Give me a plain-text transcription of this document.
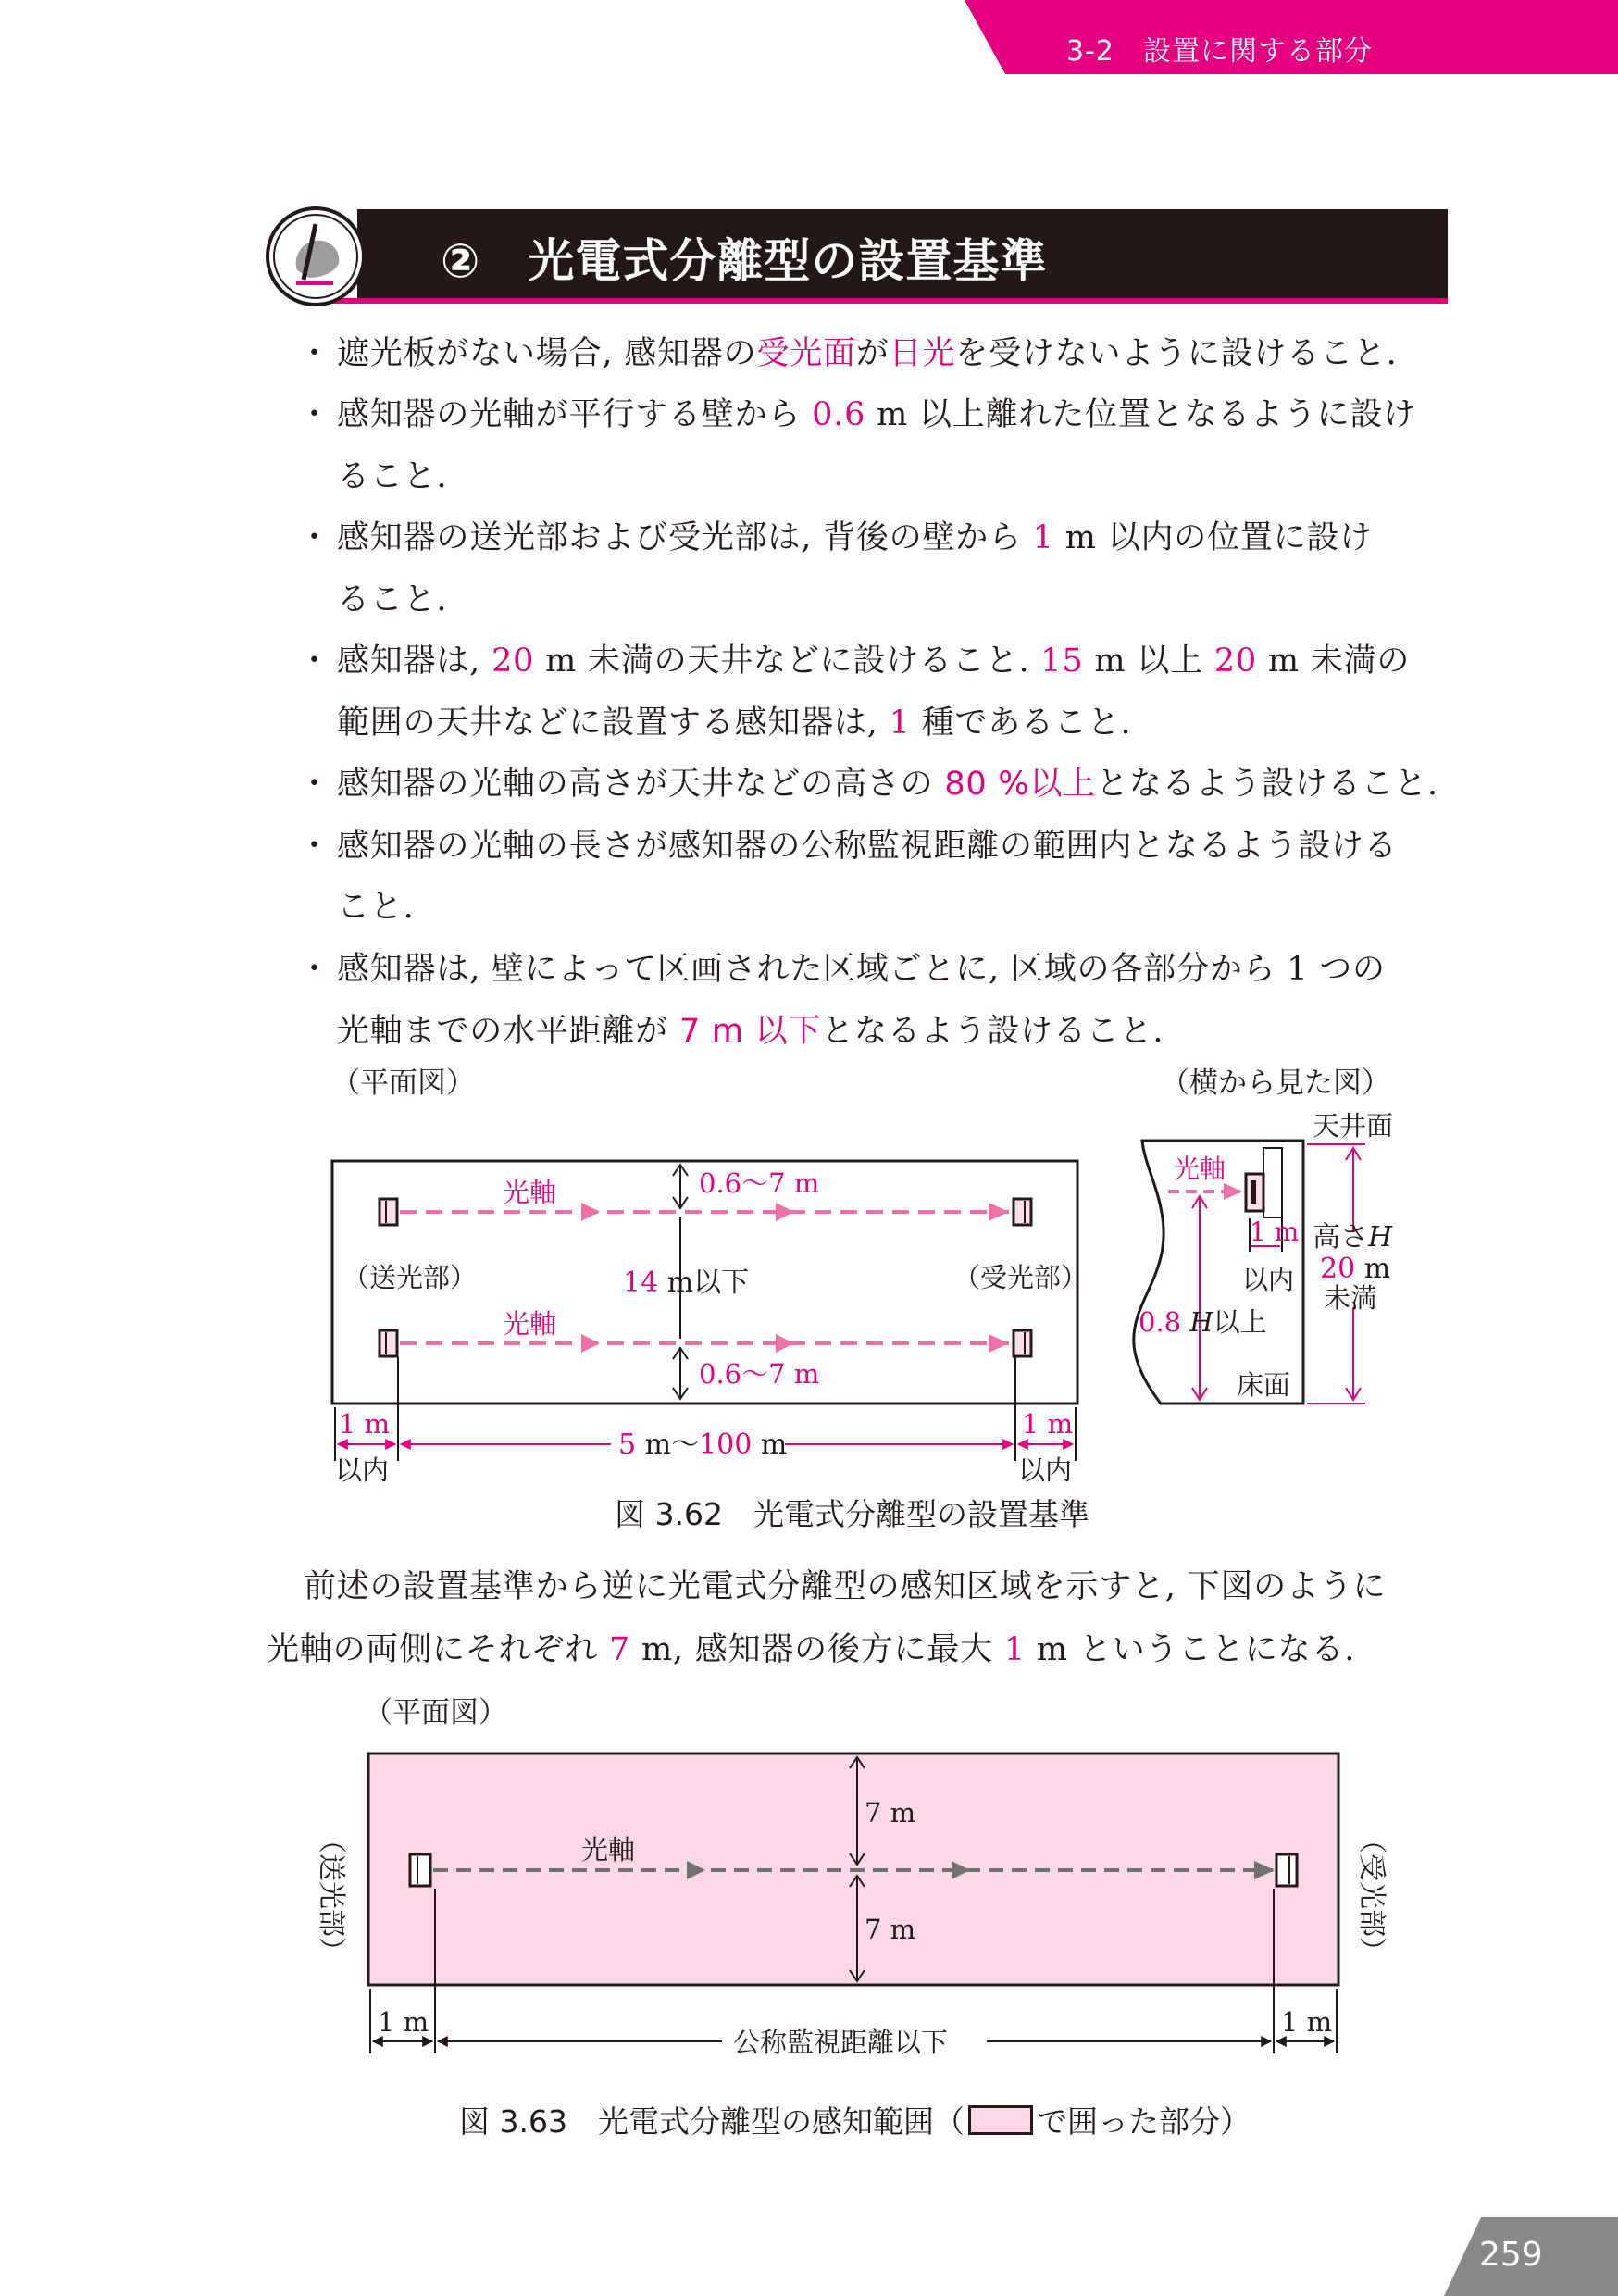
3-2　設置に関する部分
②　 光電式分離型の設置基準
・ 遮光板がない場合, 感知器の受光面が日光を受けないように設けること.
・ 感知器の光軸が平行する壁から 0.6 m 以上離れた位置となるように設け
ること.
・ 感知器の送光部および受光部は, 背後の壁から 1 m 以内の位置に設け
ること.
・ 感知器は, 20 m 未満の天井などに設けること. 15 m 以上 20 m 未満の
範囲の天井などに設置する感知器は, 1 種であること.
・ 感知器の光軸の高さが天井などの高さの 80 %以上となるよう設けること.
・ 感知器の光軸の長さが感知器の公称監視距離の範囲内となるよう設ける
こと.
・ 感知器は, 壁によって区画された区域ごとに, 区域の各部分から 1 つの
光軸までの水平距離が 7 m 以下となるよう設けること.
（平面図）	（横から見た図）
光軸
光軸
0.6〜7 m
0.6〜7 m
14 m以下
（送光部）	（受光部）
1 m
以内
1 m
以内
5 m〜100 m
光軸
天井面
床面
1 m
以内
高さH
20 m
未満
0.8 H以上
図 3.62　光電式分離型の設置基準
前述の設置基準から逆に光電式分離型の感知区域を示すと, 下図のように
光軸の両側にそれぞれ 7 m, 感知器の後方に最大 1 m ということになる.
（平面図）
光軸
7 m
7 m
（送光部）	（受光部）
1 m	1 m
公称監視距離以下
図 3.63　光電式分離型の感知範囲（ で囲った部分）
259
